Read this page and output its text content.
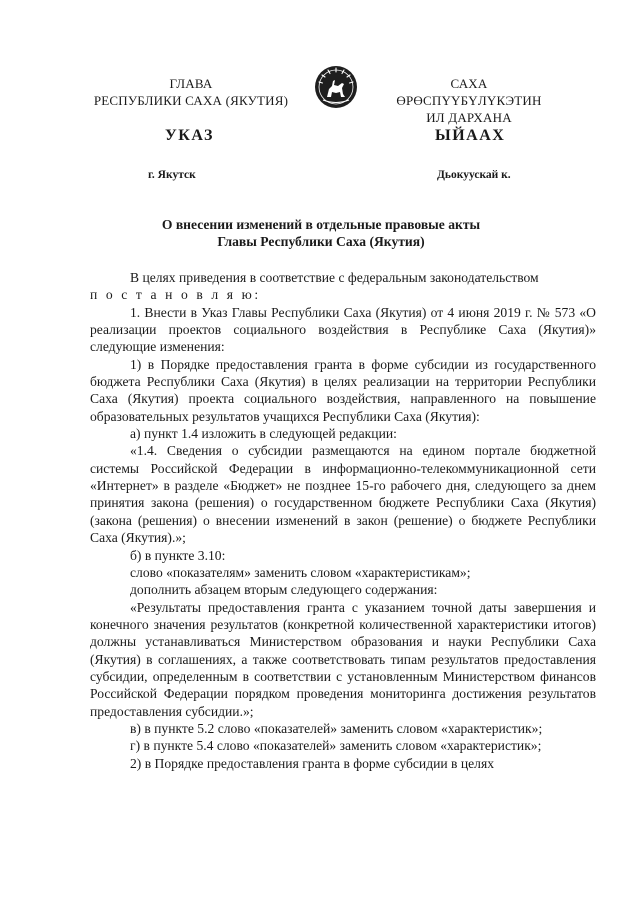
ГЛАВА
РЕСПУБЛИКИ САХА (ЯКУТИЯ)
САХА ӨРӨСПҮҮБҮЛҮКЭТИН
ИЛ ДАРХАНА
УКАЗ	ЫЙААХ
г. Якутск	Дьокуускай к.
О внесении изменений в отдельные правовые акты
Главы Республики Саха (Якутия)

В целях приведения в соответствие с федеральным законодательством

п о с т а н о в л я ю:

1. Внести в Указ Главы Республики Саха (Якутия) от 4 июня 2019 г. № 573 «О реализации проектов социального воздействия в Республике Саха (Якутия)» следующие изменения:

1) в Порядке предоставления гранта в форме субсидии из государственного бюджета Республики Саха (Якутия) в целях реализации на территории Республики Саха (Якутия) проекта социального воздействия, направленного на повышение образовательных результатов учащихся Республики Саха (Якутия):

а) пункт 1.4 изложить в следующей редакции:

«1.4. Сведения о субсидии размещаются на едином портале бюджетной системы Российской Федерации в информационно-телекоммуникационной сети «Интернет» в разделе «Бюджет» не позднее 15-го рабочего дня, следующего за днем принятия закона (решения) о государственном бюджете Республики Саха (Якутия) (закона (решения) о внесении изменений в закон (решение) о бюджете Республики Саха (Якутия).»;

б) в пункте 3.10:

слово «показателям» заменить словом «характеристикам»;

дополнить абзацем вторым следующего содержания:

«Результаты предоставления гранта с указанием точной даты завершения и конечного значения результатов (конкретной количественной характеристики итогов) должны устанавливаться Министерством образования и науки Республики Саха (Якутия) в соглашениях, а также соответствовать типам результатов предоставления субсидии, определенным в соответствии с установленным Министерством финансов Российской Федерации порядком проведения мониторинга достижения результатов предоставления субсидии.»;

в) в пункте 5.2 слово «показателей» заменить словом «характеристик»;

г) в пункте 5.4 слово «показателей» заменить словом «характеристик»;

2) в Порядке предоставления гранта в форме субсидии в целях
